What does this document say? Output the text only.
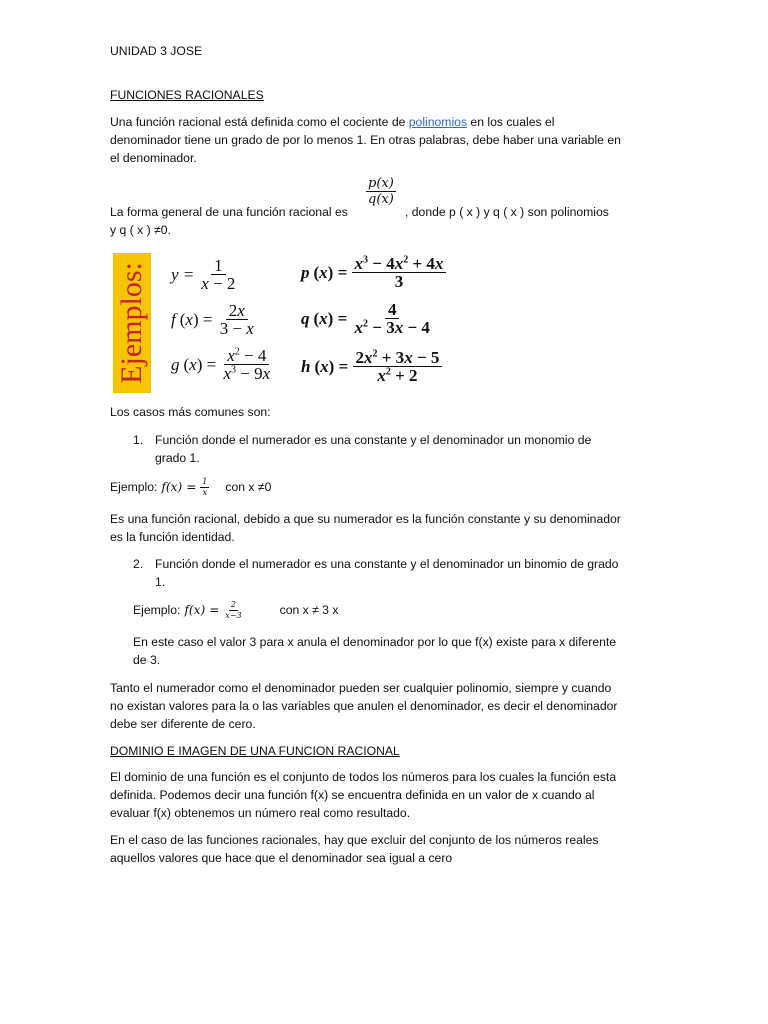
UNIDAD 3 JOSE
FUNCIONES RACIONALES
Una función racional está definida como el cociente de polinomios en los cuales el
denominador tiene un grado de por lo menos 1. En otras palabras, debe haber una variable en
el denominador.
$\frac{p(x)}{q(x)}$
La forma general de una función racional es	, donde p ( x ) y q ( x ) son polinomios
y q ( x ) ≠0.
Ejemplos: $y = \frac{1}{x - 2}$
f $(x) = \frac{2x}{3 - x}$
g $(x) = \frac{x^2 - 4}{x^3 - 9x}$
p $(x) = \frac{x^3 - 4x^2 + 4x}{3}$
q $(x) = \frac{4}{x^2 - 3x - 4}$
h $(x) = \frac{2x^2 + 3x - 5}{x^2 + 2}$
Los casos más comunes son:
1. Función donde el numerador es una constante y el denominador un monomio de
grado 1.
Ejemplo: $f(x) = \frac{1}{x}$ con x ≠0
Es una función racional, debido a que su numerador es la función constante y su denominador
es la función identidad.
2. Función donde el numerador es una constante y el denominador un binomio de grado
1.
Ejemplo: $f(x) = \frac{2}{x-3}$	con x ≠ 3 x
En este caso el valor 3 para x anula el denominador por lo que f(x) existe para x diferente
de 3.
Tanto el numerador como el denominador pueden ser cualquier polinomio, siempre y cuando
no existan valores para la o las variables que anulen el denominador, es decir el denominador
debe ser diferente de cero.
DOMINIO E IMAGEN DE UNA FUNCION RACIONAL
El dominio de una función es el conjunto de todos los números para los cuales la función esta
definida. Podemos decir una función f(x) se encuentra definida en un valor de x cuando al
evaluar f(x) obtenemos un número real como resultado.
En el caso de las funciones racionales, hay que excluir del conjunto de los números reales
aquellos valores que hace que el denominador sea igual a cero
